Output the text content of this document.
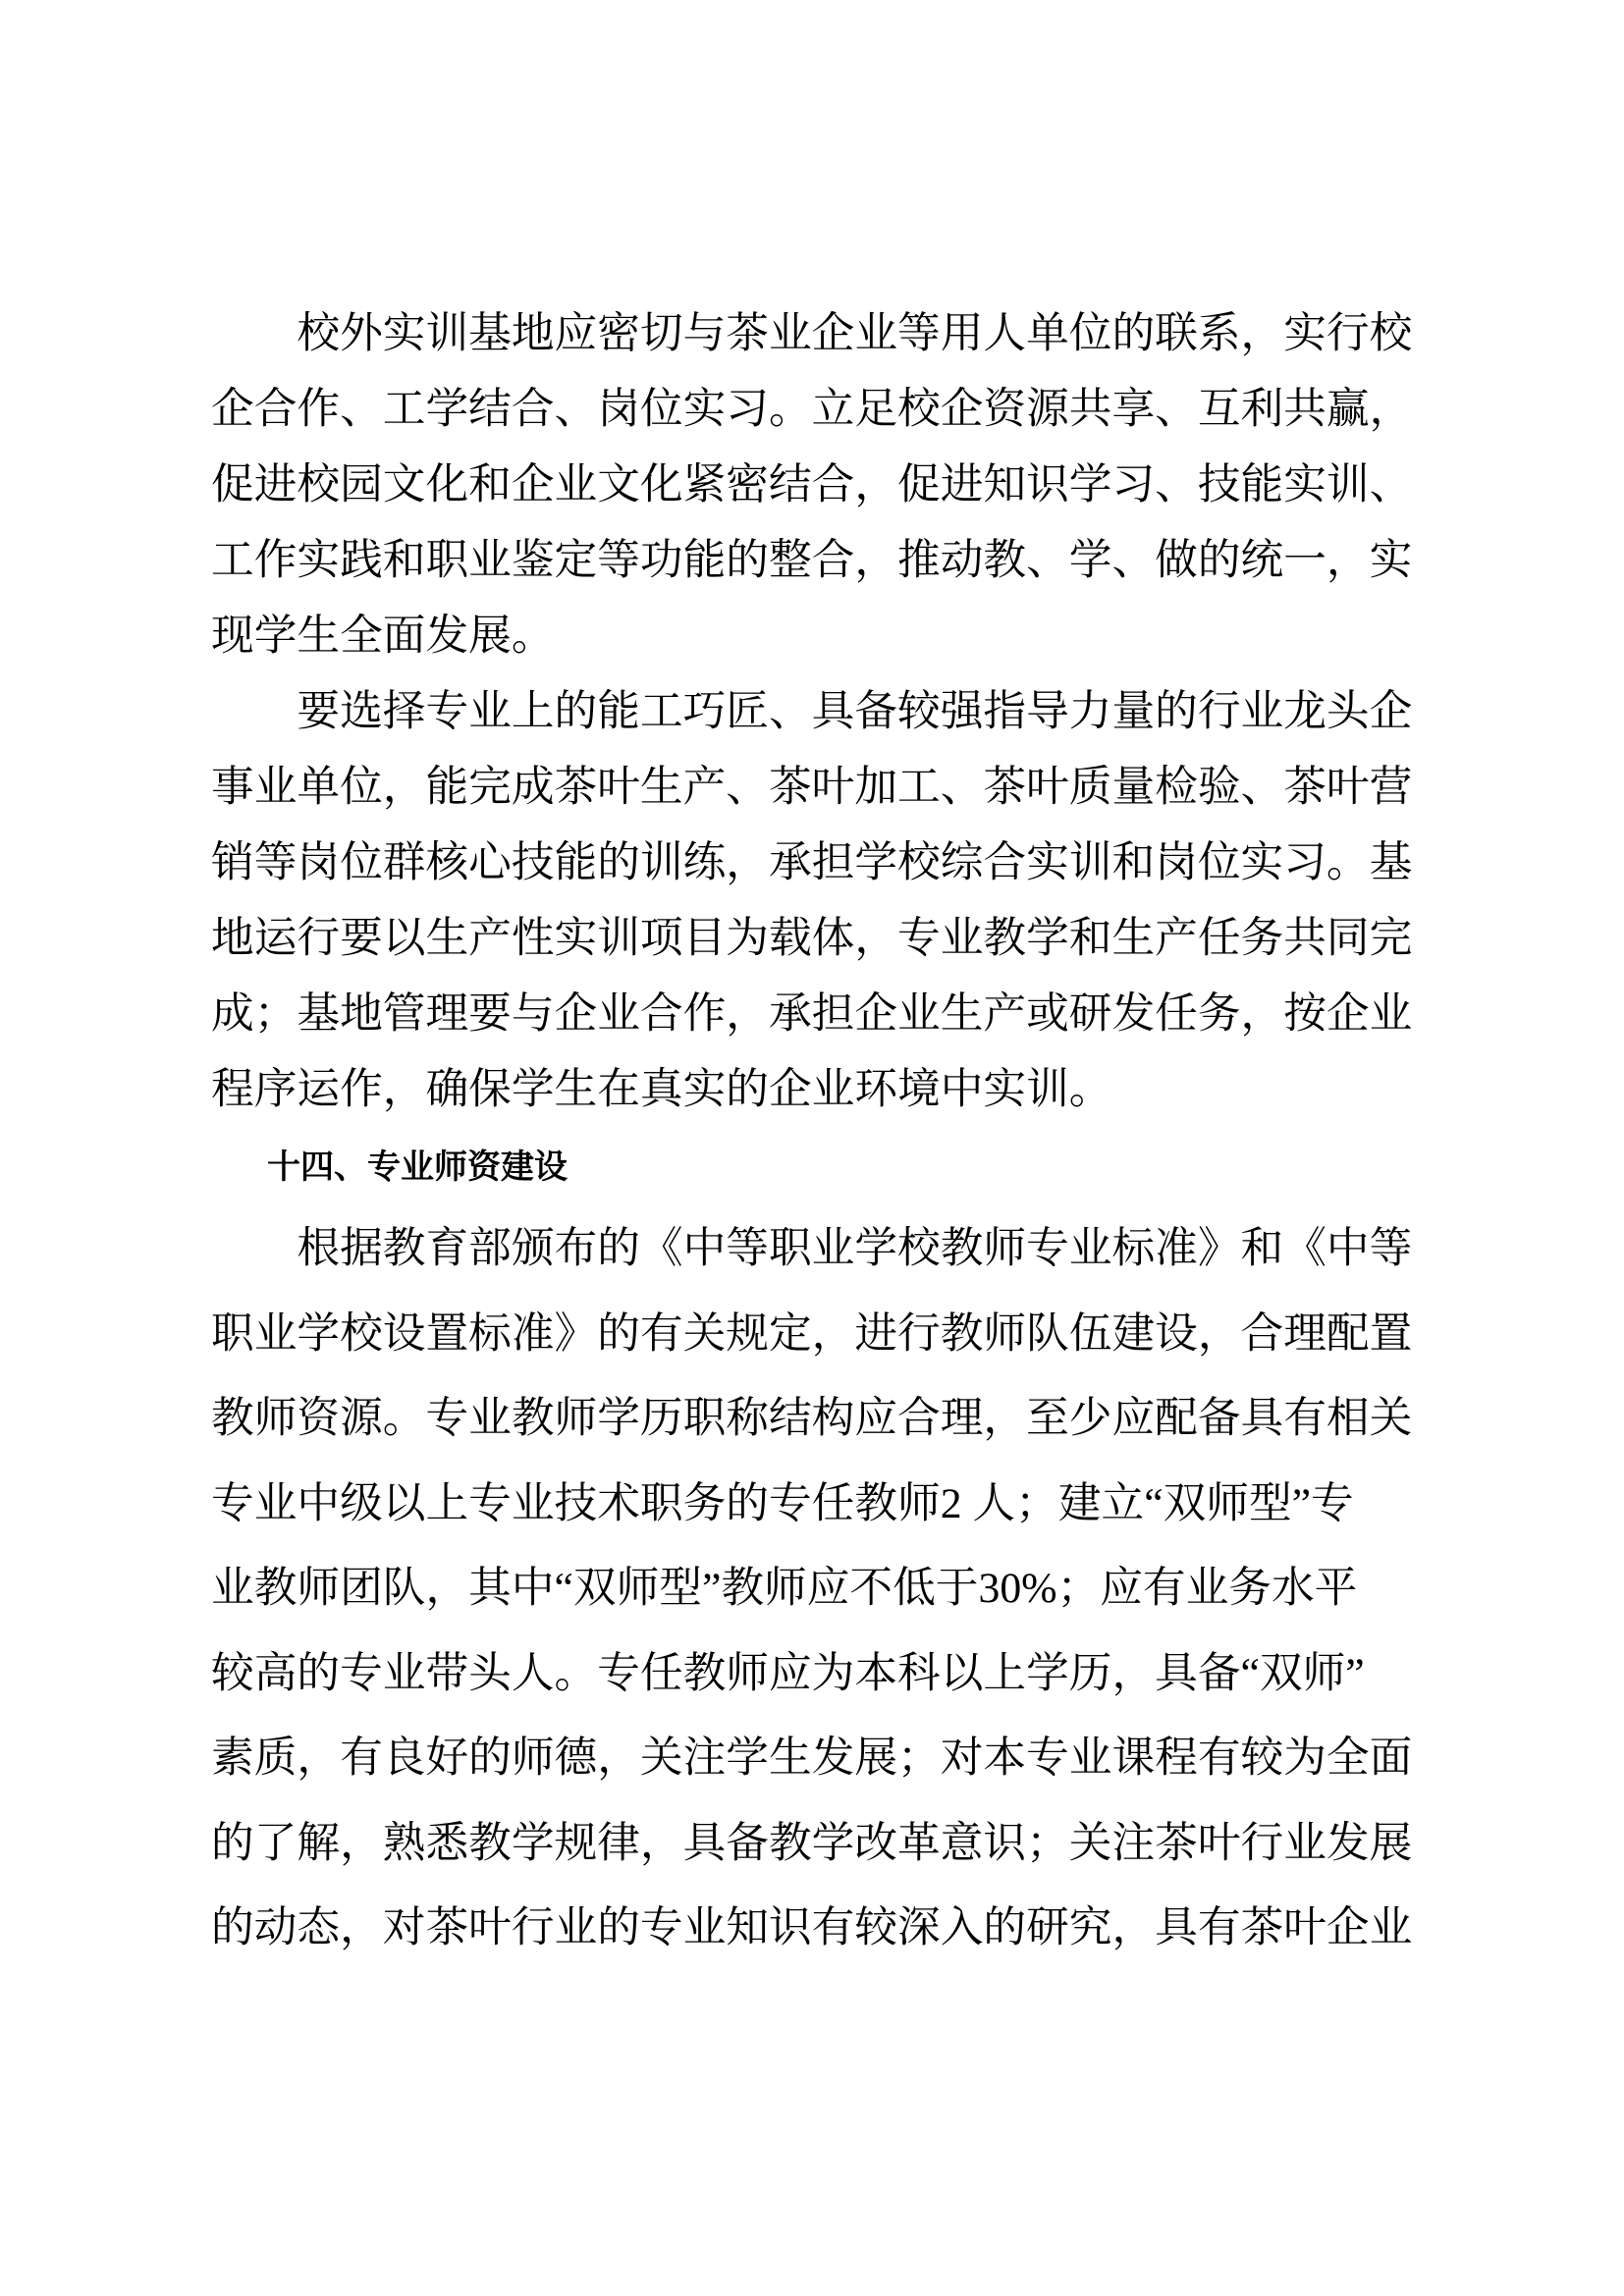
校外实训基地应密切与茶业企业等用人单位的联系，实行校
企合作、工学结合、岗位实习。立足校企资源共享、互利共赢，
促进校园文化和企业文化紧密结合，促进知识学习、技能实训、
工作实践和职业鉴定等功能的整合，推动教、学、做的统一，实
现学生全面发展。
要选择专业上的能工巧匠、具备较强指导力量的行业龙头企
事业单位，能完成茶叶生产、茶叶加工、茶叶质量检验、茶叶营
销等岗位群核心技能的训练，承担学校综合实训和岗位实习。基
地运行要以生产性实训项目为载体，专业教学和生产任务共同完
成；基地管理要与企业合作，承担企业生产或研发任务，按企业
程序运作，确保学生在真实的企业环境中实训。
十四、专业师资建设
根据教育部颁布的《中等职业学校教师专业标准》和《中等
职业学校设置标准》的有关规定，进行教师队伍建设，合理配置
教师资源。专业教师学历职称结构应合理，至少应配备具有相关
专业中级以上专业技术职务的专任教师2 人；建立“双师型”专
业教师团队，其中“双师型”教师应不低于30%；应有业务水平
较高的专业带头人。专任教师应为本科以上学历，具备“双师”
素质，有良好的师德，关注学生发展；对本专业课程有较为全面
的了解，熟悉教学规律，具备教学改革意识；关注茶叶行业发展
的动态，对茶叶行业的专业知识有较深入的研究，具有茶叶企业
